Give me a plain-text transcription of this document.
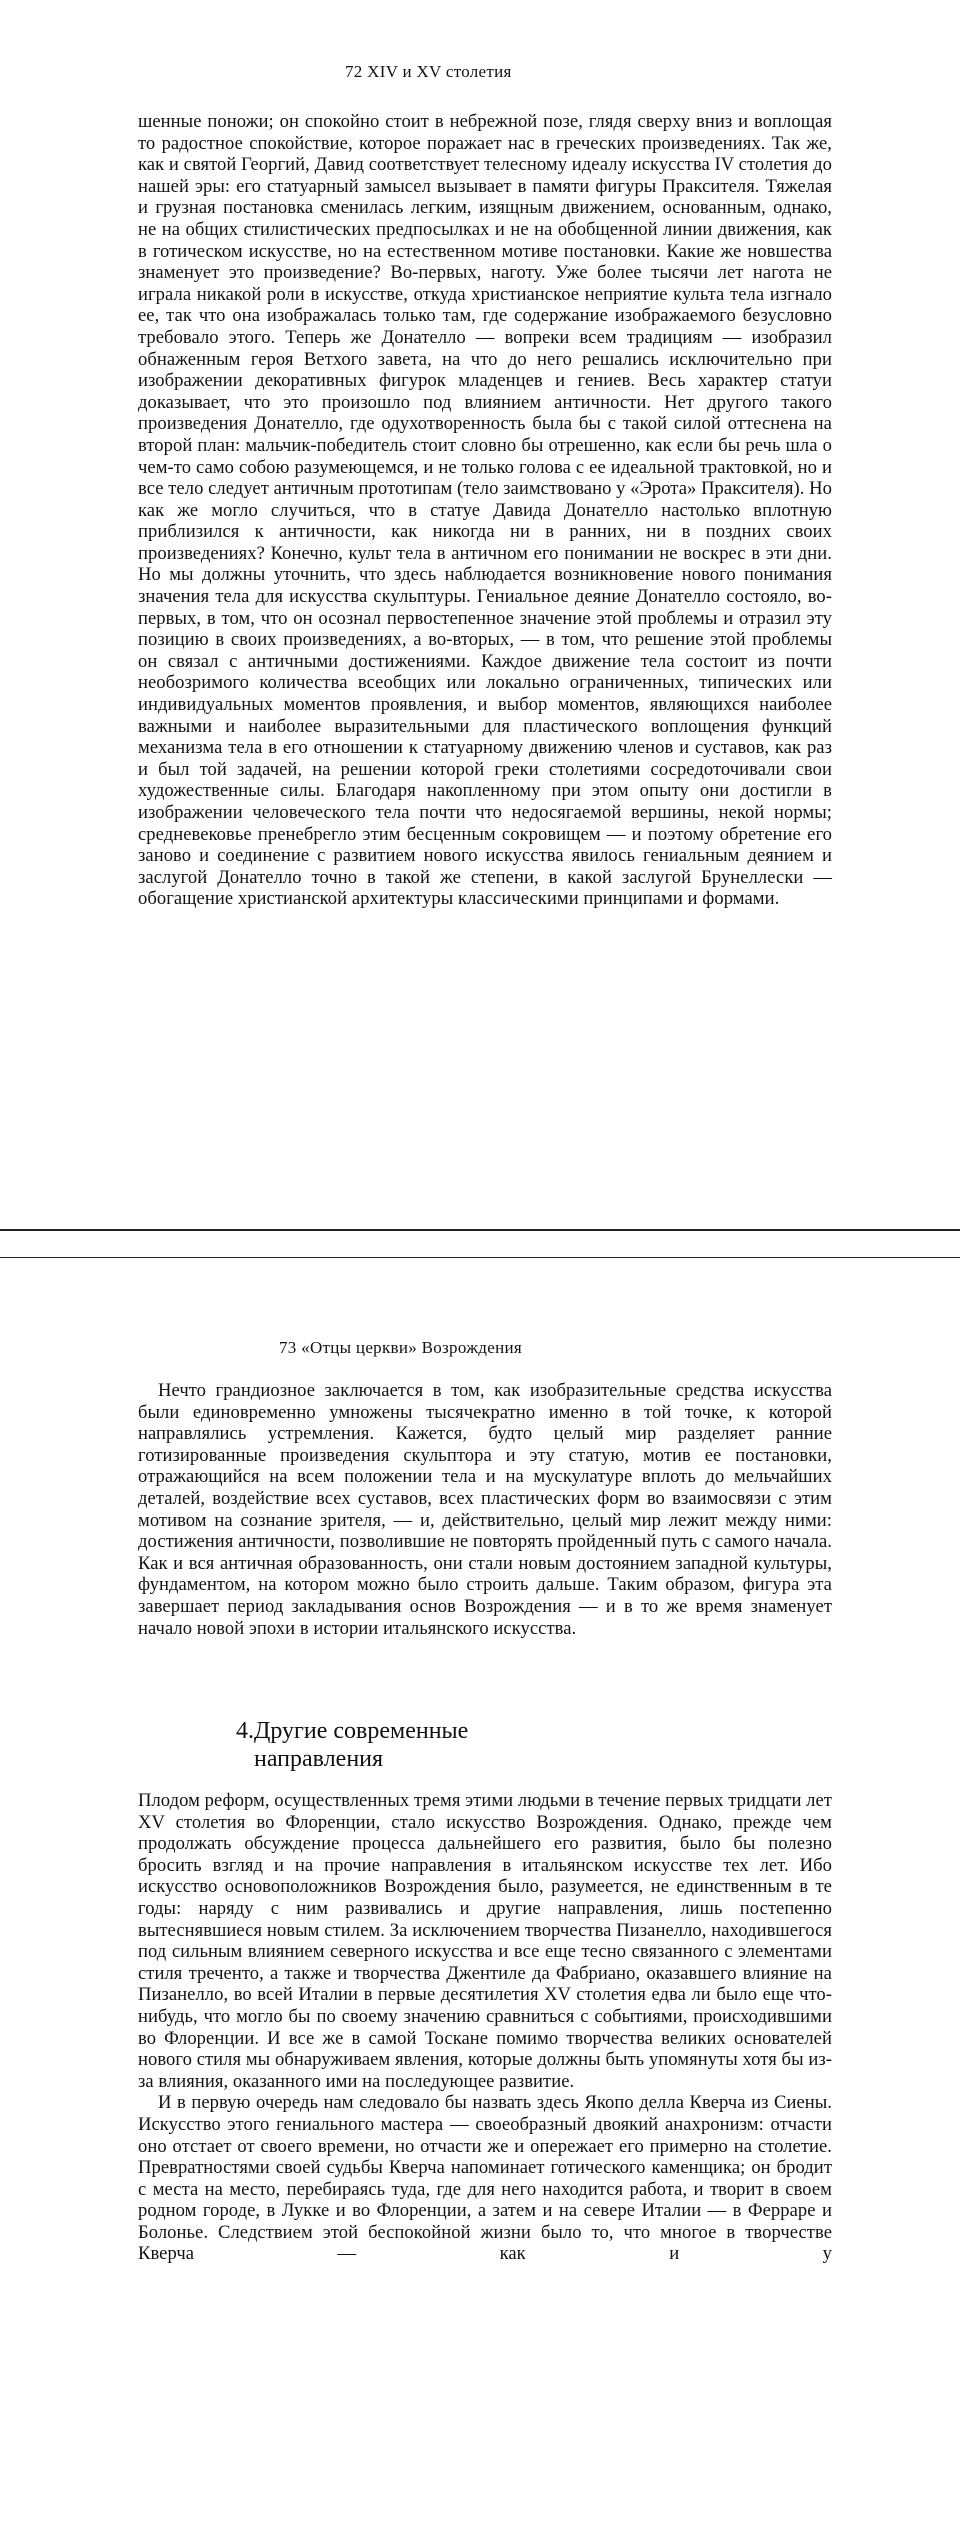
72 XIV и XV столетия

шенные поножи; он спокойно стоит в небрежной позе, глядя сверху вниз и воплощая то радостное спокойствие, которое поражает нас в греческих произведениях. Так же, как и святой Георгий, Давид соответствует телесному идеалу искусства IV столетия до нашей эры: его статуарный замысел вызывает в памяти фигуры Праксителя. Тяжелая и грузная постановка сменилась легким, изящным движением, основанным, однако, не на общих стилистических предпосылках и не на обобщенной линии движения, как в готическом искусстве, но на естественном мотиве постановки. Какие же новшества знаменует это произведение? Во-первых, наготу. Уже более тысячи лет нагота не играла никакой роли в искусстве, откуда христианское неприятие культа тела изгнало ее, так что она изображалась только там, где содержание изображаемого безусловно требовало этого. Теперь же Донателло — вопреки всем традициям — изобразил обнаженным героя Ветхого завета, на что до него решались исключительно при изображении декоративных фигурок младенцев и гениев. Весь характер статуи доказывает, что это произошло под влиянием античности. Нет другого такого произведения Донателло, где одухотворенность была бы с такой силой оттеснена на второй план: мальчик-победитель стоит словно бы отрешенно, как если бы речь шла о чем-то само собою разумеющемся, и не только голова с ее идеальной трактовкой, но и все тело следует античным прототипам (тело заимствовано у «Эрота» Праксителя). Но как же могло случиться, что в статуе Давида Донателло настолько вплотную приблизился к античности, как никогда ни в ранних, ни в поздних своих произведениях? Конечно, культ тела в античном его понимании не воскрес в эти дни. Но мы должны уточнить, что здесь наблюдается возникновение нового понимания значения тела для искусства скульптуры. Гениальное деяние Донателло состояло, во-первых, в том, что он осознал первостепенное значение этой проблемы и отразил эту позицию в своих произведениях, а во-вторых, — в том, что решение этой проблемы он связал с античными достижениями. Каждое движение тела состоит из почти необозримого количества всеобщих или локально ограниченных, типических или индивидуальных моментов проявления, и выбор моментов, являющихся наиболее важными и наиболее выразительными для пластического воплощения функций механизма тела в его отношении к статуарному движению членов и суставов, как раз и был той задачей, на решении которой греки столетиями сосредоточивали свои художественные силы. Благодаря накопленному при этом опыту они достигли в изображении человеческого тела почти что недосягаемой вершины, некой нормы; средневековье пренебрегло этим бесценным сокровищем — и поэтому обретение его заново и соединение с развитием нового искусства явилось гениальным деянием и заслугой Донателло точно в такой же степени, в какой заслугой Брунеллески — обогащение христианской архитектуры классическими принципами и формами.

73 «Отцы церкви» Возрождения

Нечто грандиозное заключается в том, как изобразительные средства искусства были единовременно умножены тысячекратно именно в той точке, к которой направлялись устремления. Кажется, будто целый мир разделяет ранние готизированные произведения скульптора и эту статую, мотив ее постановки, отражающийся на всем положении тела и на мускулатуре вплоть до мельчайших деталей, воздействие всех суставов, всех пластических форм во взаимосвязи с этим мотивом на сознание зрителя, — и, действительно, целый мир лежит между ними: достижения античности, позволившие не повторять пройденный путь с самого начала. Как и вся античная образованность, они стали новым достоянием западной культуры, фундаментом, на котором можно было строить дальше. Таким образом, фигура эта завершает период закладывания основ Возрождения — и в то же время знаменует начало новой эпохи в истории итальянского искусства.

4.Другие современные
направления

Плодом реформ, осуществленных тремя этими людьми в течение первых тридцати лет XV столетия во Флоренции, стало искусство Возрождения. Однако, прежде чем продолжать обсуждение процесса дальнейшего его развития, было бы полезно бросить взгляд и на прочие направления в итальянском искусстве тех лет. Ибо искусство основоположников Возрождения было, разумеется, не единственным в те годы: наряду с ним развивались и другие направления, лишь постепенно вытеснявшиеся новым стилем. За исключением творчества Пизанелло, находившегося под сильным влиянием северного искусства и все еще тесно связанного с элементами стиля треченто, а также и творчества Джентиле да Фабриано, оказавшего влияние на Пизанелло, во всей Италии в первые десятилетия XV столетия едва ли было еще что-нибудь, что могло бы по своему значению сравниться с событиями, происходившими во Флоренции. И все же в самой Тоскане помимо творчества великих основателей нового стиля мы обнаруживаем явления, которые должны быть упомянуты хотя бы из-за влияния, оказанного ими на последующее развитие.

И в первую очередь нам следовало бы назвать здесь Якопо делла Кверча из Сиены. Искусство этого гениального мастера — своеобразный двоякий анахронизм: отчасти оно отстает от своего времени, но отчасти же и опережает его примерно на столетие. Превратностями своей судьбы Кверча напоминает готического каменщика; он бродит с места на место, перебираясь туда, где для него находится работа, и творит в своем родном городе, в Лукке и во Флоренции, а затем и на севере Италии — в Ферраре и Болонье. Следствием этой беспокойной жизни было то, что многое в творчестве Кверча — как и у
